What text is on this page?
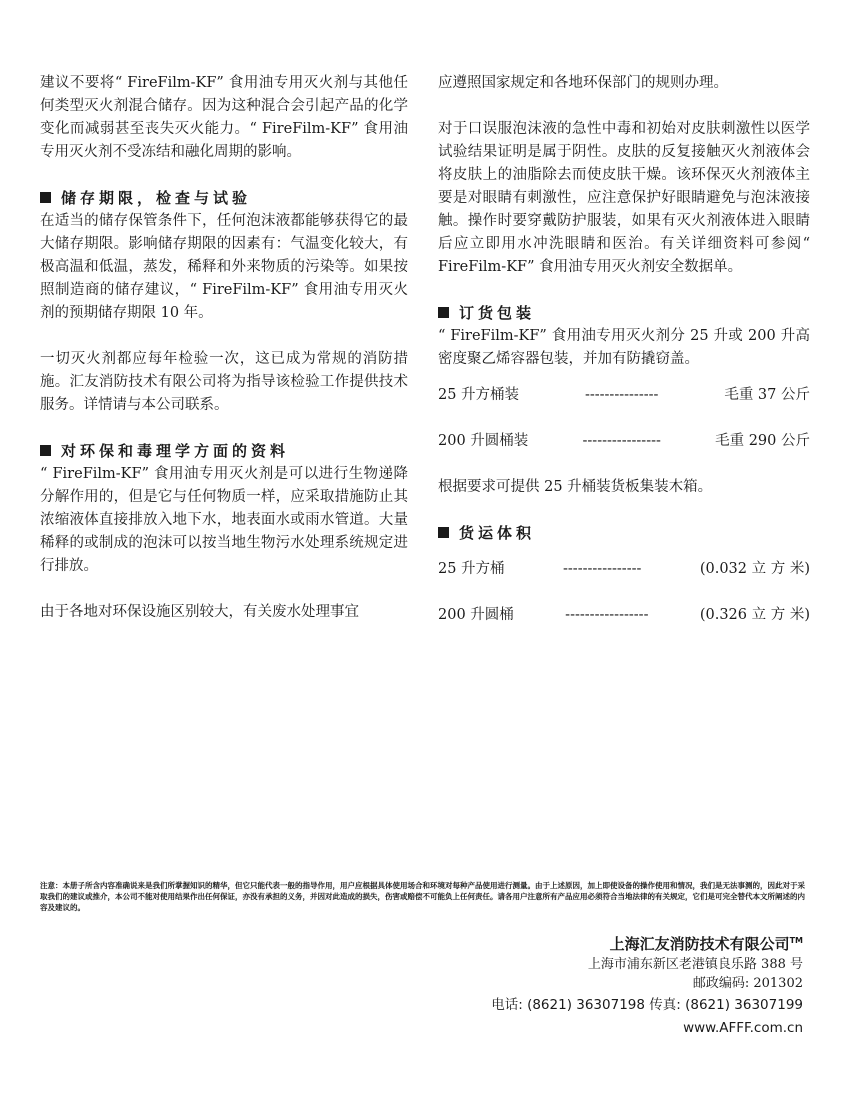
建议不要将“ FireFilm-KF” 食用油专用灭火剂与其他任何类型灭火剂混合储存。因为这种混合会引起产品的化学变化而减弱甚至丧失灭火能力。“ FireFilm-KF” 食用油专用灭火剂不受冻结和融化周期的影响。

储存期限，检查与试验

在适当的储存保管条件下，任何泡沫液都能够获得它的最大储存期限。影响储存期限的因素有：气温变化较大，有极高温和低温，蒸发，稀释和外来物质的污染等。如果按照制造商的储存建议，“ FireFilm-KF” 食用油专用灭火剂的预期储存期限 10 年。

一切灭火剂都应每年检验一次，这已成为常规的消防措施。汇友消防技术有限公司将为指导该检验工作提供技术服务。详情请与本公司联系。

对环保和毒理学方面的资料

“ FireFilm-KF” 食用油专用灭火剂是可以进行生物递降分解作用的，但是它与任何物质一样，应采取措施防止其浓缩液体直接排放入地下水，地表面水或雨水管道。大量稀释的或制成的泡沫可以按当地生物污水处理系统规定进行排放。

由于各地对环保设施区别较大，有关废水处理事宜

应遵照国家规定和各地环保部门的规则办理。

对于口误服泡沫液的急性中毒和初始对皮肤刺激性以医学试验结果证明是属于阴性。皮肤的反复接触灭火剂液体会将皮肤上的油脂除去而使皮肤干燥。该环保灭火剂液体主要是对眼睛有刺激性，应注意保护好眼睛避免与泡沫液接触。操作时要穿戴防护服装，如果有灭火剂液体进入眼睛后应立即用水冲洗眼睛和医治。有关详细资料可参阅“ FireFilm-KF” 食用油专用灭火剂安全数据单。

订货包装

“ FireFilm-KF” 食用油专用灭火剂分 25 升或 200 升高密度聚乙烯容器包装，并加有防撬窃盖。

25 升方桶装	---------------	毛重 37 公斤
200 升圆桶装	----------------	毛重 290 公斤

根据要求可提供 25 升桶装货板集装木箱。

货运体积

25 升方桶	----------------	(0.032 立 方 米)
200 升圆桶	-----------------	(0.326 立 方 米)
注意：本册子所含内容准确说来是我们所掌握知识的精华，但它只能代表一般的指导作用，用户应根据具体使用场合和环境对每种产品使用进行测量。由于上述原因，加上即使设备的操作使用和情况，我们是无法事测的，因此对于采取我们的建议或推介，本公司不能对使用结果作出任何保证，亦没有承担的义务，并因对此造成的损失，伤害或赔偿不可能负上任何责任。请各用户注意所有产品应用必须符合当地法律的有关规定，它们是可完全替代本文所阐述的内容及建议的。
上海汇友消防技术有限公司™
上海市浦东新区老港镇良乐路 388 号
邮政编码: 201302
电话: (8621) 36307198 传真: (8621) 36307199
www.AFFF.com.cn
